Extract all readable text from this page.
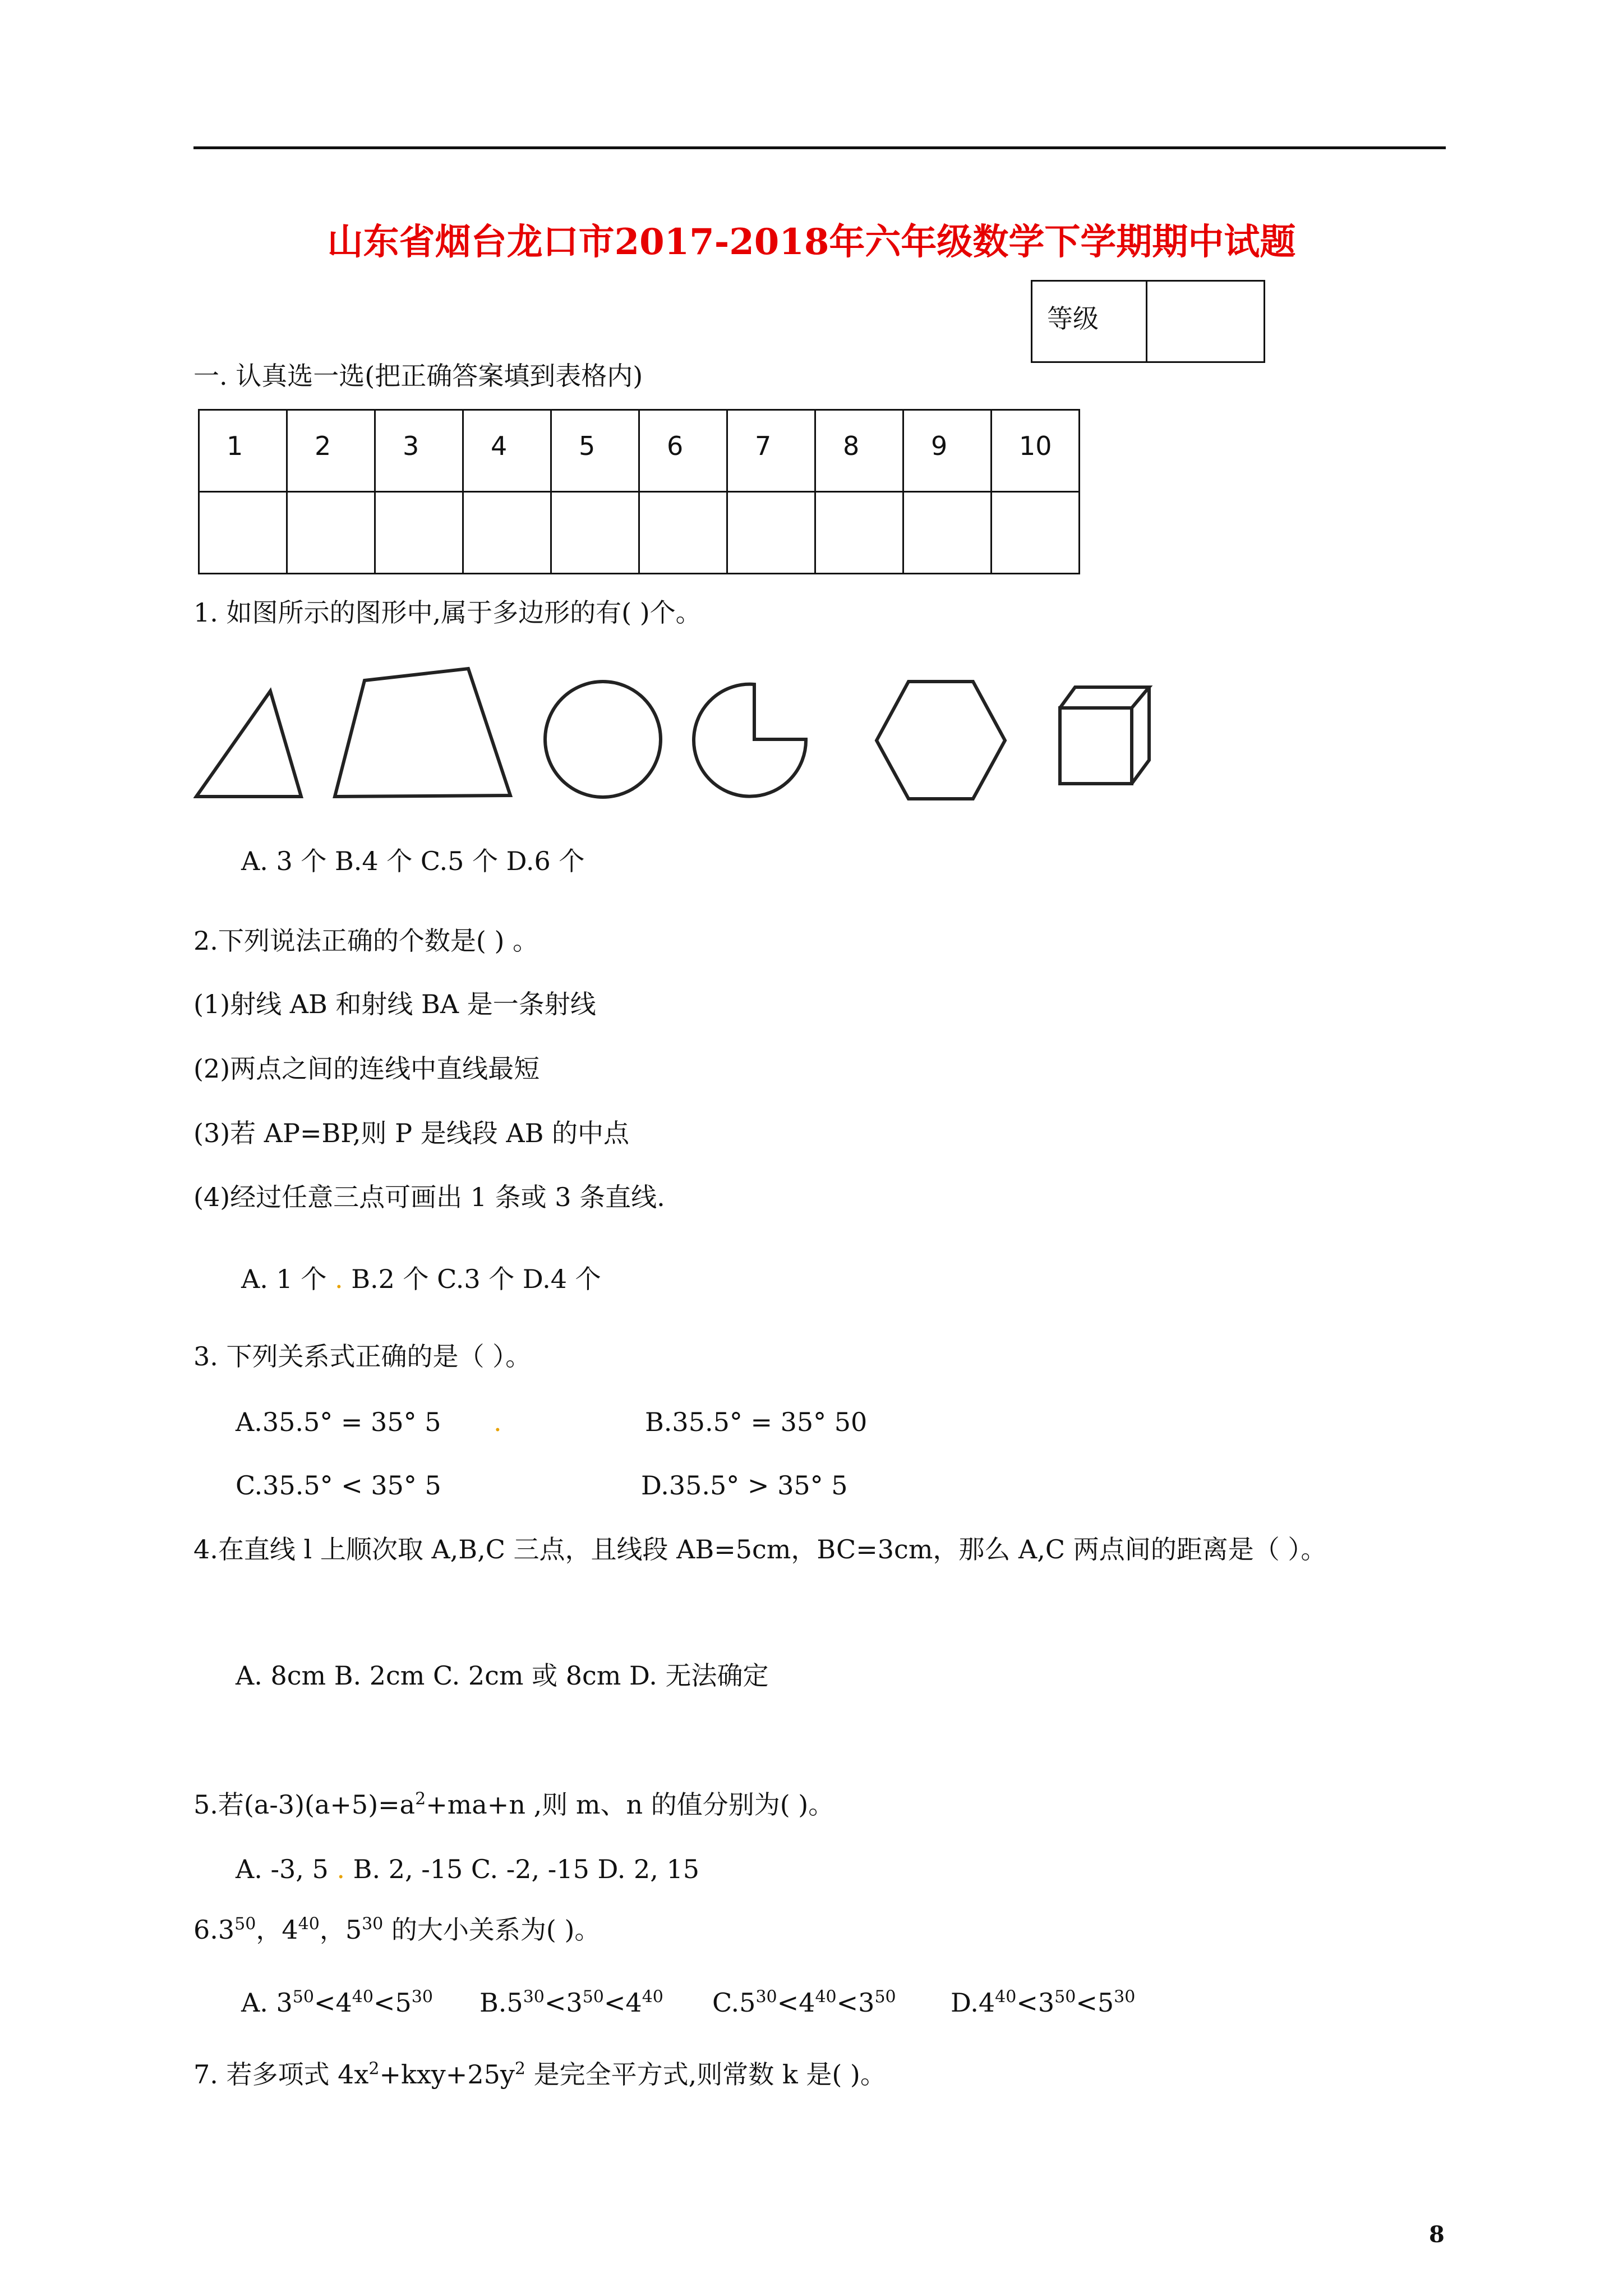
山东省烟台龙口市2017-2018年六年级数学下学期期中试题
等级
一. 认真选一选(把正确答案填到表格内)
1	2	3	4	5	6	7	8	9	10

1. 如图所示的图形中,属于多边形的有( )个。
A. 3 个 B.4 个 C.5 个 D.6 个
2.下列说法正确的个数是( ) 。
(1)射线 AB 和射线 BA 是一条射线
(2)两点之间的连线中直线最短
(3)若 AP=BP,则 P 是线段 AB 的中点
(4)经过任意三点可画出 1 条或 3 条直线.
A. 1 个 . B.2 个 C.3 个 D.4 个
3. 下列关系式正确的是（ ）。
A.35.5° = 35° 5 .	B.35.5° = 35° 50
C.35.5° < 35° 5	D.35.5° > 35° 5
4.在直线 l 上顺次取 A,B,C 三点，且线段 AB=5cm，BC=3cm，那么 A,C 两点间的距离是（ ）。
A. 8cm B. 2cm C. 2cm 或 8cm D. 无法确定
5.若$(a-3)(a+5)=a^2+ma+n$ ,则 m、n 的值分别为( )。
A. -3, 5 . B. 2, -15 C. -2, -15 D. 2, 15
$6.3^{50}$，$4^{40}$，$5^{30}$ 的大小关系为( )。
A. $3^{50}<4^{40}<5^{30}$ $B.5^{30}<3^{50}<4^{40}$ $C.5^{30}<4^{40}<3^{50}$ $D.4^{40}<3^{50}<5^{30}$
7. 若多项式 $4x^2+kxy+25y^2$ 是完全平方式,则常数 k 是( )。
8
